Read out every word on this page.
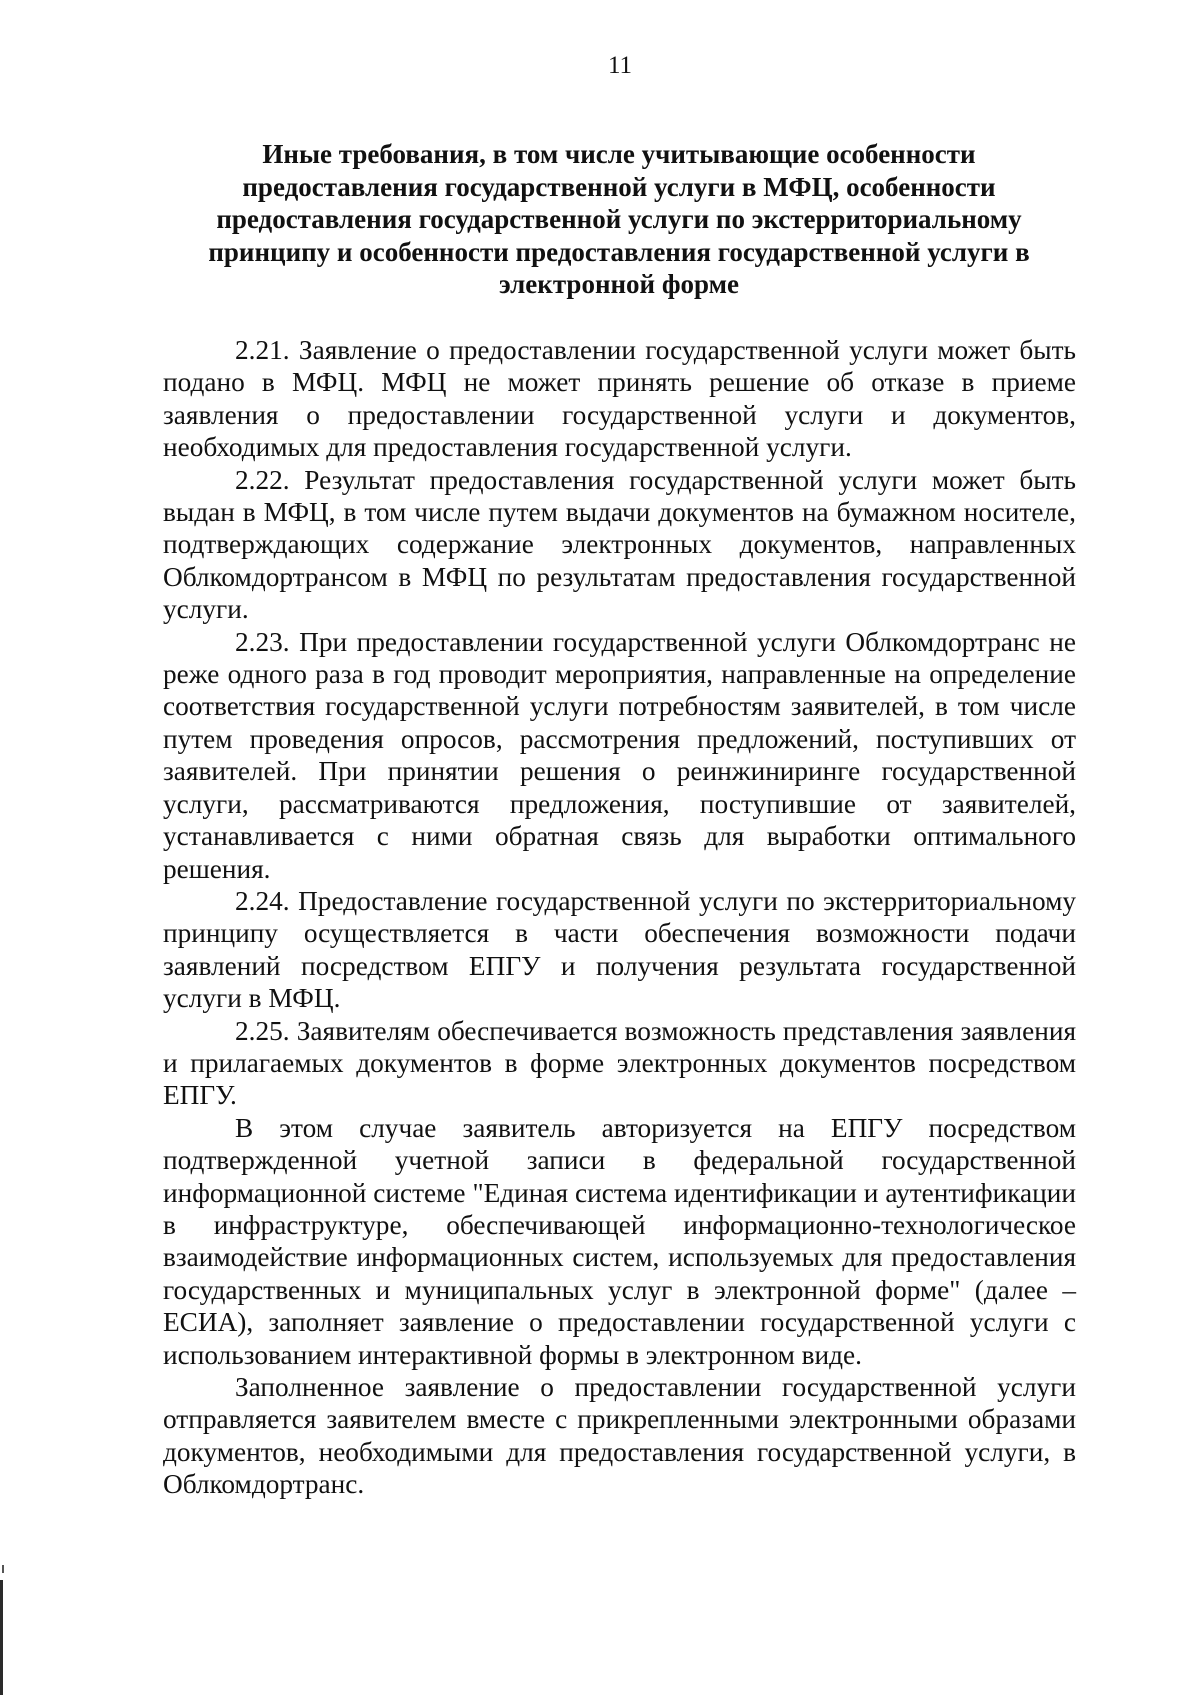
11
Иные требования, в том числе учитывающие особенности предоставления государственной услуги в МФЦ, особенности предоставления государственной услуги по экстерриториальному принципу и особенности предоставления государственной услуги в электронной форме

2.21. Заявление о предоставлении государственной услуги может быть подано в МФЦ. МФЦ не может принять решение об отказе в приеме заявления о предоставлении государственной услуги и документов, необходимых для предоставления государственной услуги.

2.22. Результат предоставления государственной услуги может быть выдан в МФЦ, в том числе путем выдачи документов на бумажном носителе, подтверждающих содержание электронных документов, направленных Облкомдортрансом в МФЦ по результатам предоставления государственной услуги.

2.23. При предоставлении государственной услуги Облкомдортранс не реже одного раза в год проводит мероприятия, направленные на определение соответствия государственной услуги потребностям заявителей, в том числе путем проведения опросов, рассмотрения предложений, поступивших от заявителей. При принятии решения о реинжиниринге государственной услуги, рассматриваются предложения, поступившие от заявителей, устанавливается с ними обратная связь для выработки оптимального решения.

2.24. Предоставление государственной услуги по экстерриториальному принципу осуществляется в части обеспечения возможности подачи заявлений посредством ЕПГУ и получения результата государственной услуги в МФЦ.

2.25. Заявителям обеспечивается возможность представления заявления и прилагаемых документов в форме электронных документов посредством ЕПГУ.

В этом случае заявитель авторизуется на ЕПГУ посредством подтвержденной учетной записи в федеральной государственной информационной системе "Единая система идентификации и аутентификации в инфраструктуре, обеспечивающей информационно-технологическое взаимодействие информационных систем, используемых для предоставления государственных и муниципальных услуг в электронной форме" (далее – ЕСИА), заполняет заявление о предоставлении государственной услуги с использованием интерактивной формы в электронном виде.

Заполненное заявление о предоставлении государственной услуги отправляется заявителем вместе с прикрепленными электронными образами документов, необходимыми для предоставления государственной услуги, в Облкомдортранс.
